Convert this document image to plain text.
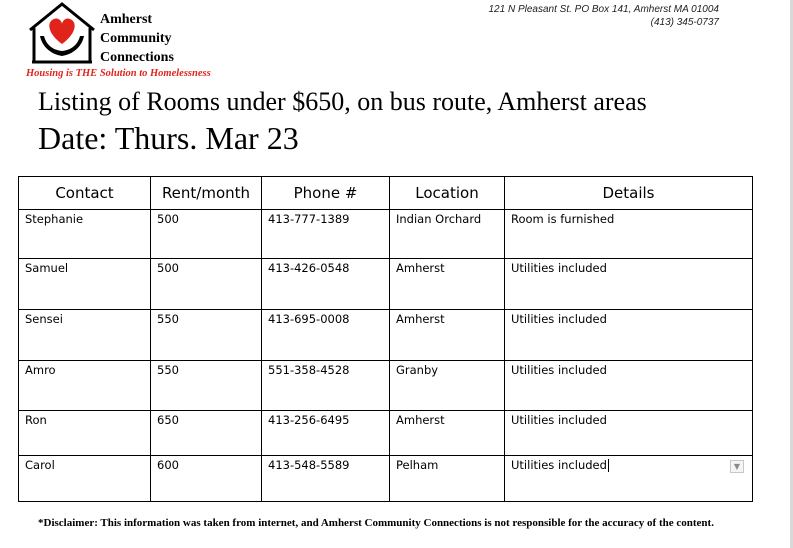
Amherst
Community
Connections
Housing is THE Solution to Homelessness
121 N Pleasant St. PO Box 141, Amherst MA 01004
(413) 345-0737
Listing of Rooms under $650, on bus route, Amherst areas
Date: Thurs. Mar 23
Contact	Rent/month	Phone #	Location	Details
Stephanie	500	413-777-1389	Indian Orchard	Room is furnished
Samuel	500	413-426-0548	Amherst	Utilities included
Sensei	550	413-695-0008	Amherst	Utilities included
Amro	550	551-358-4528	Granby	Utilities included
Ron	650	413-256-6495	Amherst	Utilities included
Carol	600	413-548-5589	Pelham	Utilities included ▼
*Disclaimer: This information was taken from internet, and Amherst Community Connections is not responsible for the accuracy of the content.
